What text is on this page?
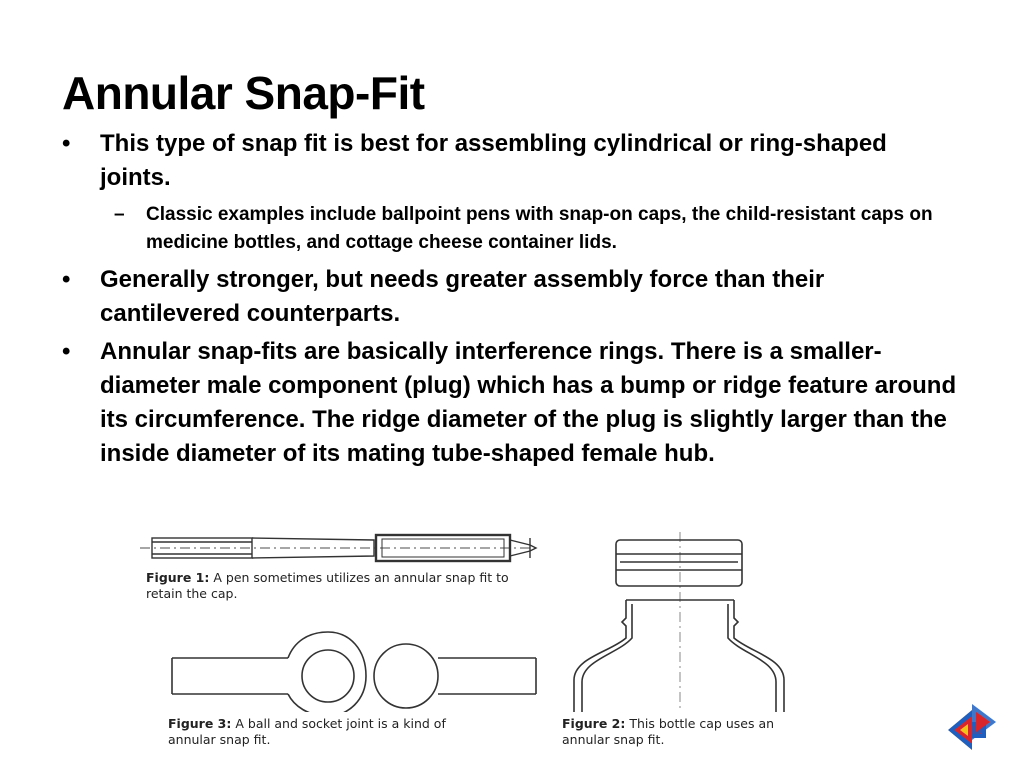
Annular Snap-Fit
• This type of snap fit is best for assembling cylindrical or ring-shaped joints.
– Classic examples include ballpoint pens with snap-on caps, the child-resistant caps on medicine bottles, and cottage cheese container lids.
• Generally stronger, but needs greater assembly force than their cantilevered counterparts.
• Annular snap-fits are basically interference rings. There is a smaller-diameter male component (plug) which has a bump or ridge feature around its circumference. The ridge diameter of the plug is slightly larger than the inside diameter of its mating tube-shaped female hub.
Figure 1: A pen sometimes utilizes an annular snap fit to retain the cap.
Figure 3: A ball and socket joint is a kind of annular snap fit.
Figure 2: This bottle cap uses an annular snap fit.
